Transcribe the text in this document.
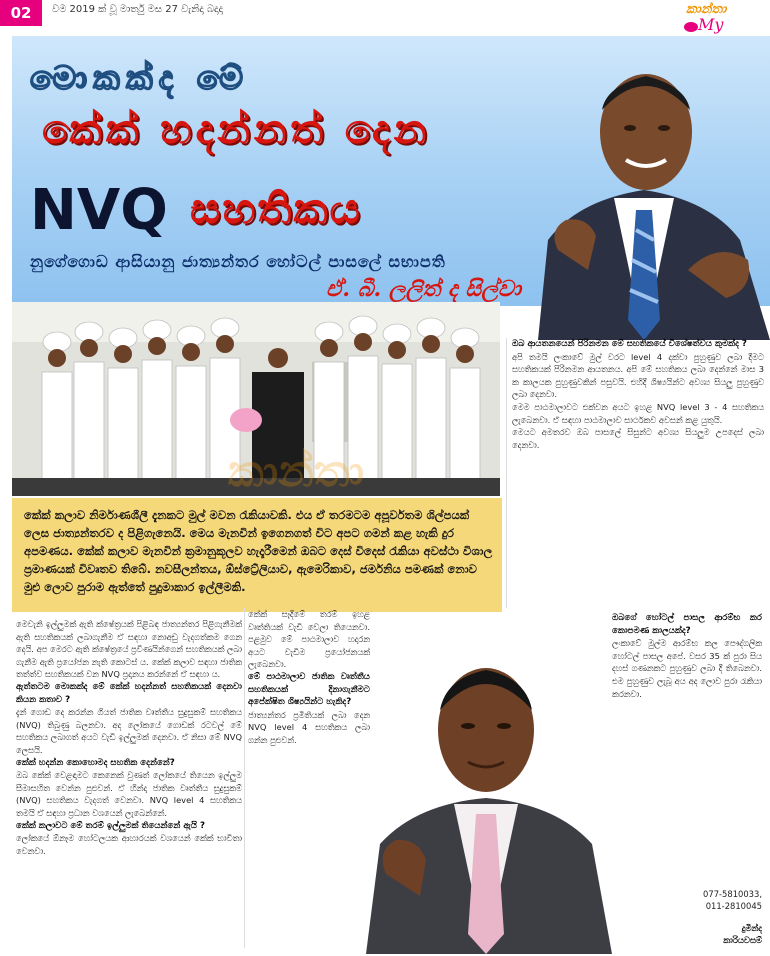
02	වම 2019 ක් වූ මාර්තු මස 27 වැනිදා බදාදා	කාන්තා
My
මොකක්ද මේ
කේක් හදන්නත් දෙන
NVQ සහතිකය
නුගේගොඩ ආසියානු ජාත්‍යන්තර හෝටල් පාසලේ සභාපති
ඒ. බී. ලලිත් ද සිල්වා
කාන්තා
කේක් කලාව නිර්මාණශීලී දැනකට මුල් මවන රැකියාවකි. එය ඒ තරමටම අපූර්වතම ශිල්පයක් ලෙස ජාත්‍යන්තරව ද පිළිගැනෙයි. මෙය මැනවින් ඉගෙනගත් විට අපට ගමන් කළ හැකි දුර අපමණය. කේක් කලාව මැනවින් ක්‍රමානුකූලව හැදෑරීමෙන් ඔබට දෙස් විදෙස් රැකියා අවස්ථා විශාල ප්‍රමාණයක් විවෘතව තිබේ. නවසීලන්තය, ඕස්ට්‍රේලියාව, ඇමෙරිකාව, ජර්මනිය පමණක් නොව මුළු ලොව පුරාම ඇත්තේ පුදුමාකාර ඉල්ලීමකි.
මෙවැනි ඉල්ලුමක් ඇති ක්ෂේත්‍රයක් පිළිබඳ ජාත්‍යන්තර පිළිගැනීමක් ඇති සහතිකයක් ලබාගැනීම ඒ සඳහා නොඅඩු වැදගත්කම ගෙන දෙයි. අප මෙරට ඇති ක්ෂේත්‍රයේ ප්‍රවීණයින්ගෙන් සහතිකයක් ලබා ගැනීම ඇති ප්‍රයෝජන නැති කොටස් ය. කේක් කලාව සඳහා ජාතික තත්ත්ව සහතිකයක් වන NVQ ප්‍රදානය කරන්නේ ඒ සඳහා ය.
ඇත්තටම මොකක්ද මේ කේක් හදන්නත් සහතිකයක් දෙනවා කියන කතාව ?
දැන් ගොඩ දෙ කරන්න ගියත් ජාතික වෘත්තීය සුදුසුකම් සහතිකය (NVQ) තිබුණු බලනවා. අද ලෝකයේ ගොඩක් රටවල් මේ සහතිකය ලබාගත් අයට වැඩි ඉල්ලුමක් දෙනවා. ඒ නිසා මේ NVQ ලෙසයි.
කේක් හදන්න කොහොමද සහතික දෙන්නේ?
ඔබ කේක් වෙළඳාමට කෙනෙක් වුණත් ලෝකයේ තියෙන ඉල්ලුම සීමාසහිත වෙන්න පුළුවන්. ඒ හින්දා ජාතික වෘත්තීය සුදුසුකම් (NVQ) සහතිකය වැදගත් වෙනවා. NVQ level 4 සහතිකය තමයි ඒ සඳහා ප්‍රධාන වශයෙන් ලැබෙන්නේ.
කේක් කලාවට මේ තරම් ඉල්ලුමක් තියෙන්නේ ඇයි ?
ලෝකයේ ඕනෑම හෝටලයක ආහාරයක් වශයෙන් කේක් භාවිතා වෙනවා.
කේක් සෑදීමේ තරම් ඉහළ වෘත්තියක් වැඩි වෙලා තියෙනවා. පළමුව මේ පාඨමාලාව හදාරන අයට වැඩිම ප්‍රයෝජනයක් ලැබෙනවා.
මේ පාඨමාලාව ජාතික වෘත්තීය සහතිකයක් දිනාගැනීමට අපේක්ෂිත ශිෂ්‍යයින්ට හැකිද?
ජාත්‍යන්තර ප්‍රමිතියක් ලබා දෙන NVQ level 4 සහතිකය ලබා ගන්න පුළුවන්.
ඔබ ආයතනයෙන් පිරිනමන මේ සහතිකයේ විශේෂත්වය කුමක්ද ?
අපි තමයි ලංකාවේ මුල් වරට level 4 දක්වා පුහුණුව ලබා දීමට සහතිකයක් පිරිනමන ආයතනය. අපි මේ සහතිකය ලබා දෙන්නේ මාස 3 ක කාලයක පුහුණුවකින් පසුවයි. එහිදී ශිෂ්‍යයින්ට අවශ්‍ය සියලු පුහුණුව ලබා දෙනවා.
මෙම පාඨමාලාවට එක්වන අයට ඉහළ NVQ level 3 - 4 සහතිකය ලැබෙනවා. ඒ සඳහා පාඨමාලාව සාර්ථකව අවසන් කළ යුතුයි.
මෙයට අමතරව ඔබ පාසලේ සිසුන්ට අවශ්‍ය සියලුම උපදෙස් ලබා දෙනවා.
ඔබගේ හෝටල් පාසල ආරම්භ කර කොපමණ කාලයක්ද?
ලංකාවේ මුල්ම ආරම්භ කල පෞද්ගලික හෝටල් පාසල අපේ. වසර 35 ක් පුරා සිය දහස් ගණනකට පුහුණුව ලබා දී තිබෙනවා. එම පුහුණුව ලැබූ අය අද ලොව පුරා රැකියා කරනවා.
077-5810033,
011-2810045
දුමින්ද
කාරියවසම්
